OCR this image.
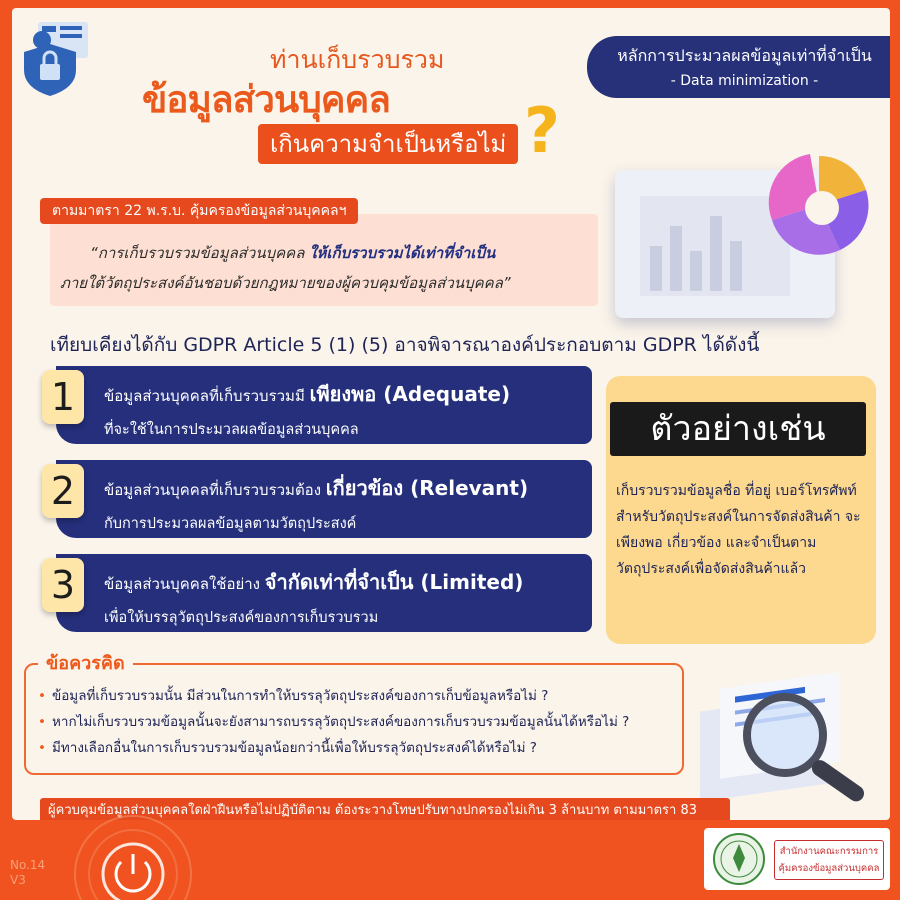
ท่านเก็บรวบรวม
ข้อมูลส่วนบุคคล
เกินความจำเป็นหรือไม่ ?
หลักการประมวลผลข้อมูลเท่าที่จำเป็น
- Data minimization -
“การเก็บรวบรวมข้อมูลส่วนบุคคล ให้เก็บรวบรวมได้เท่าที่จำเป็น
ภายใต้วัตถุประสงค์อันชอบด้วยกฎหมายของผู้ควบคุมข้อมูลส่วนบุคคล”
ตามมาตรา 22 พ.ร.บ. คุ้มครองข้อมูลส่วนบุคคลฯ
เทียบเคียงได้กับ GDPR Article 5 (1) (5) อาจพิจารณาองค์ประกอบตาม GDPR ได้ดังนี้
ข้อมูลส่วนบุคคลที่เก็บรวบรวมมี เพียงพอ (Adequate)
ที่จะใช้ในการประมวลผลข้อมูลส่วนบุคคล
1
ข้อมูลส่วนบุคคลที่เก็บรวบรวมต้อง เกี่ยวข้อง (Relevant)
กับการประมวลผลข้อมูลตามวัตถุประสงค์
2
ข้อมูลส่วนบุคคลใช้อย่าง จำกัดเท่าที่จำเป็น (Limited)
เพื่อให้บรรลุวัตถุประสงค์ของการเก็บรวบรวม
3
ตัวอย่างเช่น
เก็บรวบรวมข้อมูลชื่อ ที่อยู่ เบอร์โทรศัพท์ สำหรับวัตถุประสงค์ในการจัดส่งสินค้า จะเพียงพอ เกี่ยวข้อง และจำเป็นตามวัตถุประสงค์เพื่อจัดส่งสินค้าแล้ว
• ข้อมูลที่เก็บรวบรวมนั้น มีส่วนในการทำให้บรรลุวัตถุประสงค์ของการเก็บข้อมูลหรือไม่ ?
• หากไม่เก็บรวบรวมข้อมูลนั้นจะยังสามารถบรรลุวัตถุประสงค์ของการเก็บรวบรวมข้อมูลนั้นได้หรือไม่ ?
• มีทางเลือกอื่นในการเก็บรวบรวมข้อมูลน้อยกว่านี้เพื่อให้บรรลุวัตถุประสงค์ได้หรือไม่ ?
ข้อควรคิด
ผู้ควบคุมข้อมูลส่วนบุคคลใดฝ่าฝืนหรือไม่ปฏิบัติตาม ต้องระวางโทษปรับทางปกครองไม่เกิน 3 ล้านบาท ตามมาตรา 83
No.14
V3
สำนักงานคณะกรรมการ
คุ้มครองข้อมูลส่วนบุคคล
